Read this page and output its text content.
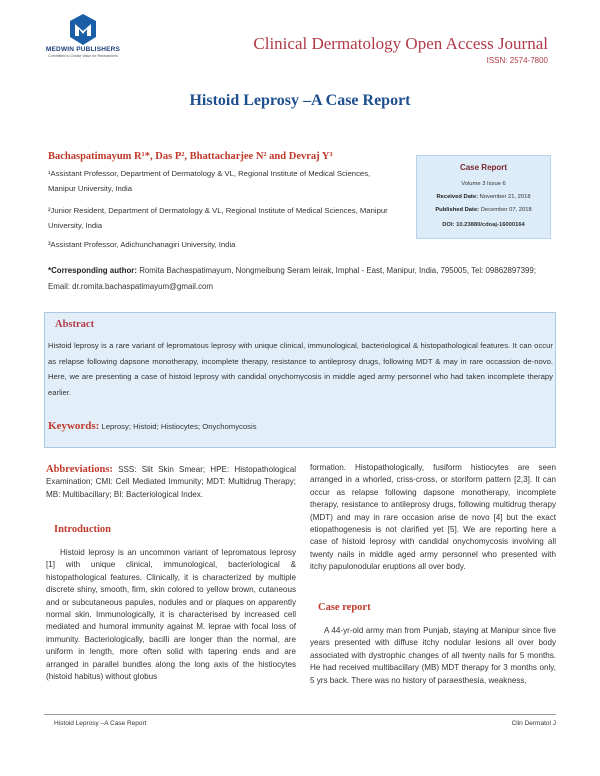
MEDWIN PUBLISHERS
Committed to Create Value for Researchers
Clinical Dermatology Open Access Journal
ISSN: 2574-7800
Histoid Leprosy –A Case Report
Bachaspatimayum R¹*, Das P², Bhattacharjee N² and Devraj Y³
¹Assistant Professor, Department of Dermatology & VL, Regional Institute of Medical Sciences, Manipur University, India
²Junior Resident, Department of Dermatology & VL, Regional Institute of Medical Sciences, Manipur University, India
³Assistant Professor, Adichunchanagiri University, India
Case Report
Volume 3 Issue 6
Received Date: November 21, 2018
Published Date: December 07, 2018
DOI: 10.23880/cdoaj-16000164
*Corresponding author: Romita Bachaspatimayum, Nongmeibung Seram leirak, Imphal - East, Manipur, India, 795005, Tel: 09862897399; Email: dr.romita.bachaspatimayum@gmail.com
Abstract
Histoid leprosy is a rare variant of lepromatous leprosy with unique clinical, immunological, bacteriological & histopathological features. It can occur as relapse following dapsone monotherapy, incomplete therapy, resistance to antileprosy drugs, following MDT & may in rare occassion de-novo. Here, we are presenting a case of histoid leprosy with candidal onychomycosis in middle aged army personnel who had taken incomplete therapy earlier.
Keywords: Leprosy; Histoid; Histiocytes; Onychomycosis
Abbreviations: SSS: Slit Skin Smear; HPE: Histopathological Examination; CMI: Cell Mediated Immunity; MDT: Multidrug Therapy; MB: Multibacillary; BI: Bacteriological Index.
Introduction
Histoid leprosy is an uncommon variant of lepromatous leprosy [1] with unique clinical, immunological, bacteriological & histopathological features. Clinically, it is characterized by multiple discrete shiny, smooth, firm, skin colored to yellow brown, cutaneous and or subcutaneous papules, nodules and or plaques on apparently normal skin. Immunologically, it is characterised by increased cell mediated and humoral immunity against M. leprae with focal loss of immunity. Bacteriologically, bacilli are longer than the normal, are uniform in length, more often solid with tapering ends and are arranged in parallel bundles along the long axis of the histiocytes (histoid habitus) without globus
formation. Histopathologically, fusiform histiocytes are seen arranged in a whorled, criss-cross, or storiform pattern [2,3]. It can occur as relapse following dapsone monotherapy, incomplete therapy, resistance to antileprosy drugs, following multidrug therapy (MDT) and may in rare occasion arise de novo [4] but the exact etiopathogenesis is not clarified yet [5]. We are reporting here a case of histoid leprosy with candidal onychomycosis involving all twenty nails in middle aged army personnel who presented with itchy papulonodular eruptions all over body.
Case report
A 44-yr-old army man from Punjab, staying at Manipur since five years presented with diffuse itchy nodular lesions all over body associated with dystrophic changes of all twenty nails for 5 months. He had received multibacillary (MB) MDT therapy for 3 months only, 5 yrs back. There was no history of paraesthesia, weakness,
Histoid Leprosy –A Case Report	Clin Dermatol J
